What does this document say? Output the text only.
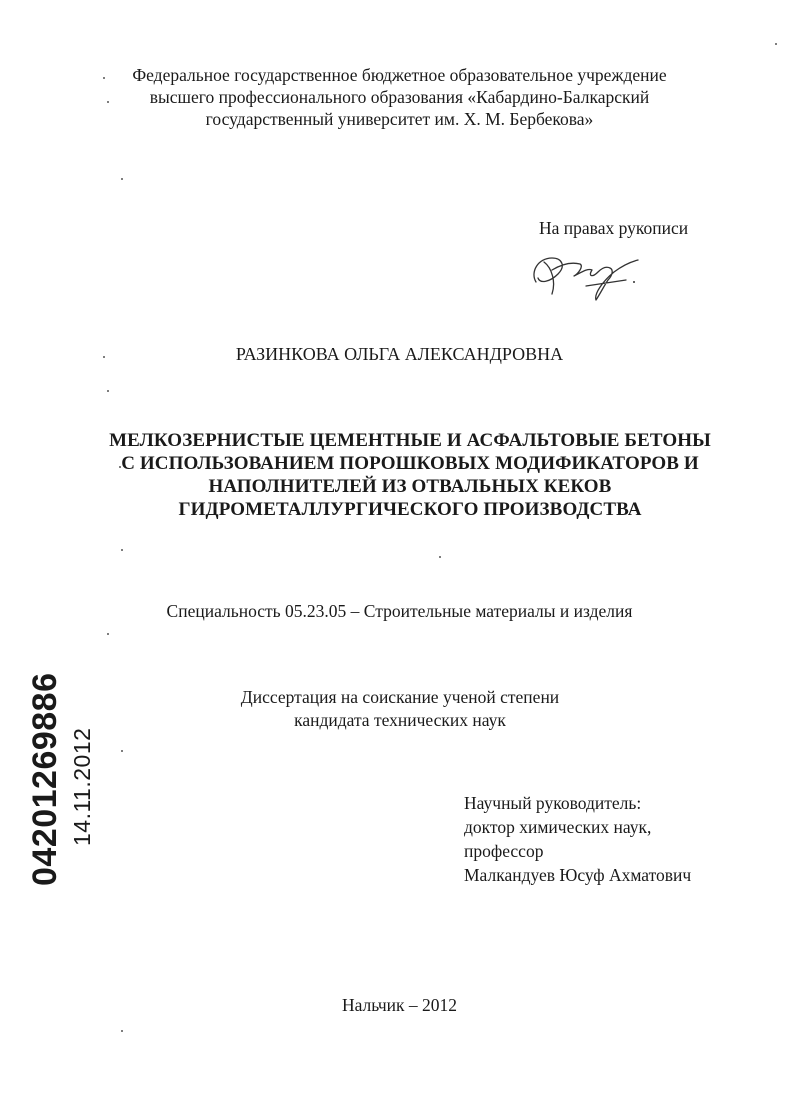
Федеральное государственное бюджетное образовательное учреждение
высшего профессионального образования «Кабардино-Балкарский
государственный университет им. Х. М. Бербекова»
На правах рукописи
РАЗИНКОВА ОЛЬГА АЛЕКСАНДРОВНА
МЕЛКОЗЕРНИСТЫЕ ЦЕМЕНТНЫЕ И АСФАЛЬТОВЫЕ БЕТОНЫ
С ИСПОЛЬЗОВАНИЕМ ПОРОШКОВЫХ МОДИФИКАТОРОВ И
НАПОЛНИТЕЛЕЙ ИЗ ОТВАЛЬНЫХ КЕКОВ
ГИДРОМЕТАЛЛУРГИЧЕСКОГО ПРОИЗВОДСТВА
Специальность 05.23.05 – Строительные материалы и изделия
Диссертация на соискание ученой степени
кандидата технических наук
Научный руководитель:
доктор химических наук,
профессор
Малкандуев Юсуф Ахматович
Нальчик – 2012
04201269886 14.11.2012
